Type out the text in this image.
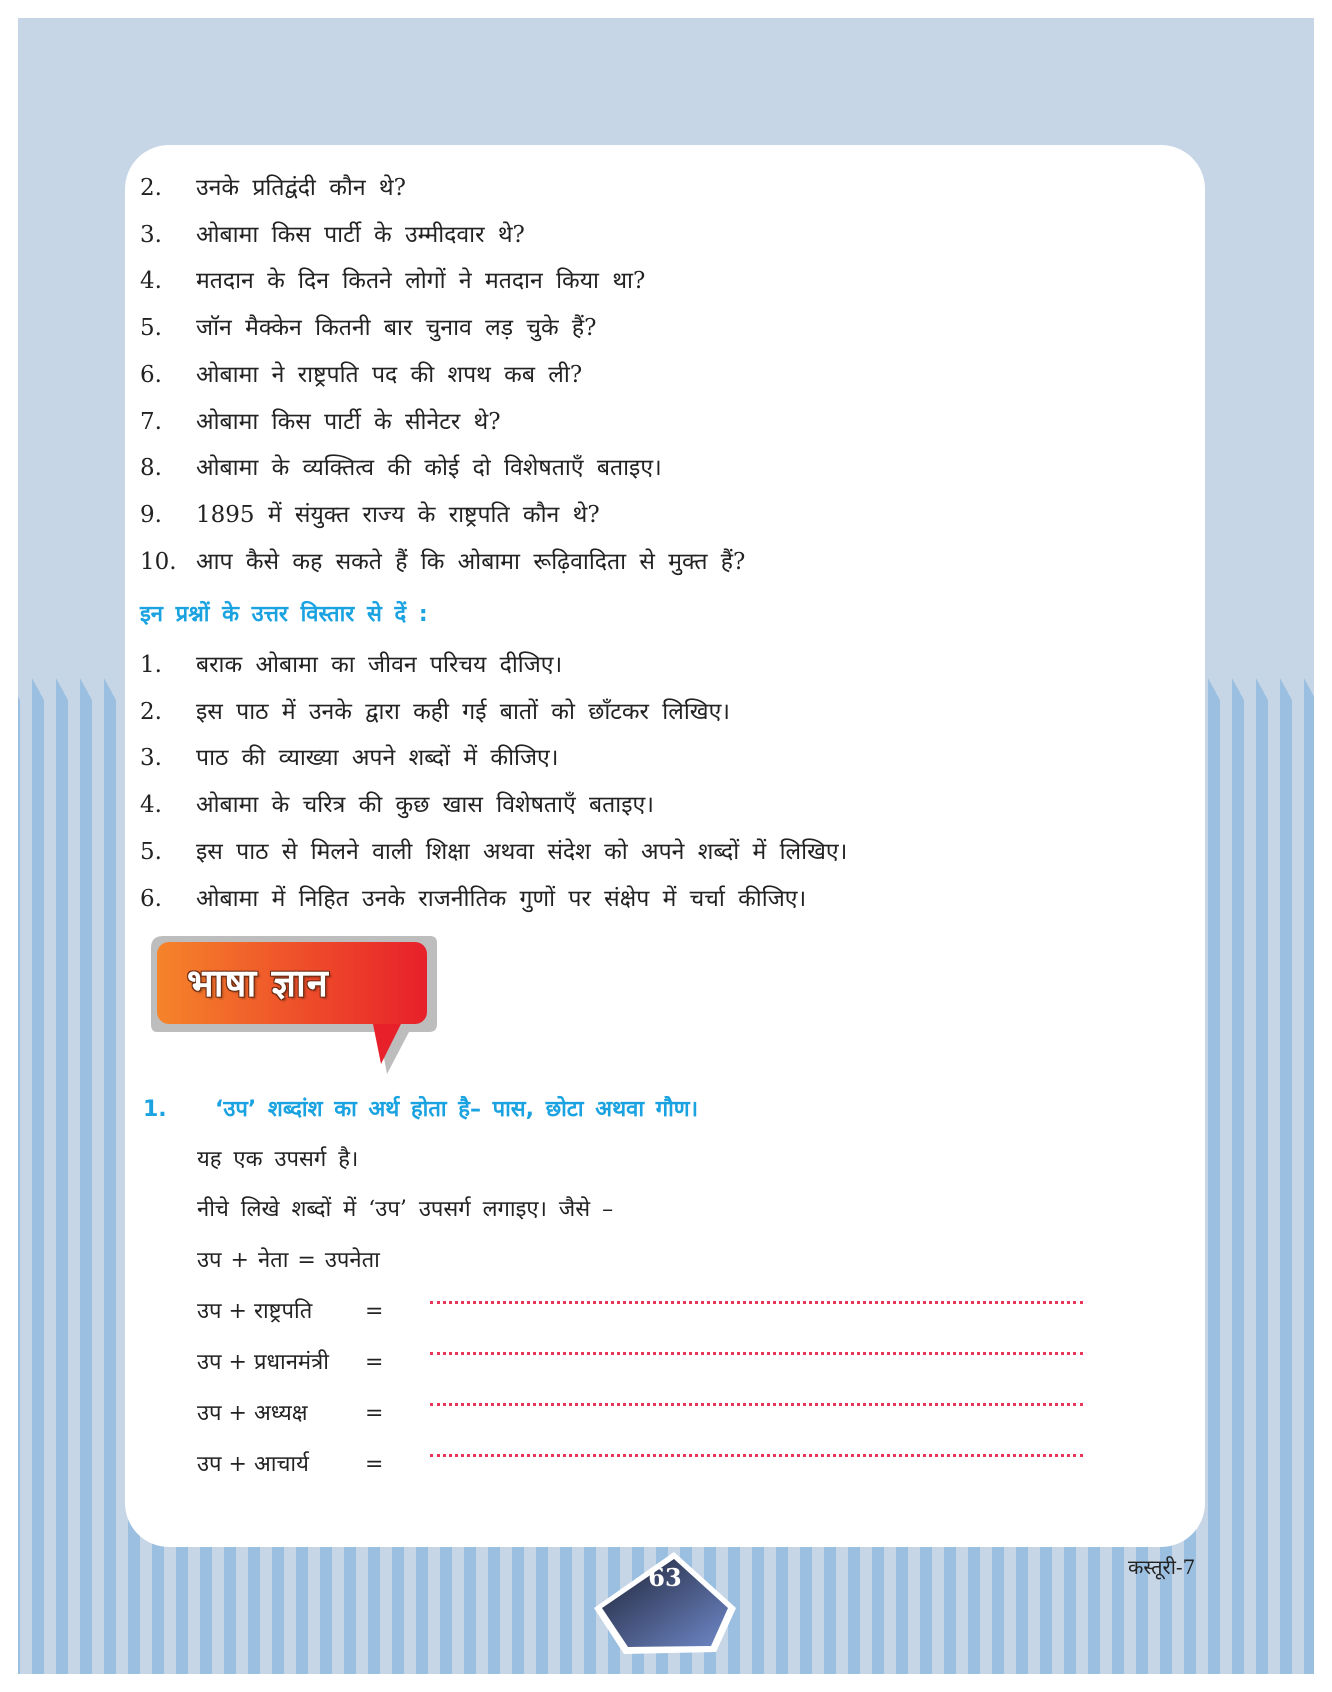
2.	उनके प्रतिद्वंदी कौन थे?
3.	ओबामा किस पार्टी के उम्मीदवार थे?
4.	मतदान के दिन कितने लोगों ने मतदान किया था?
5.	जॉन मैक्केन कितनी बार चुनाव लड़ चुके हैं?
6.	ओबामा ने राष्ट्रपति पद की शपथ कब ली?
7.	ओबामा किस पार्टी के सीनेटर थे?
8.	ओबामा के व्यक्तित्व की कोई दो विशेषताएँ बताइए।
9.	1895 में संयुक्त राज्य के राष्ट्रपति कौन थे?
10. आप कैसे कह सकते हैं कि ओबामा रूढ़िवादिता से मुक्त हैं?
इन प्रश्नों के उत्तर विस्तार से दें :
1.	बराक ओबामा का जीवन परिचय दीजिए।
2.	इस पाठ में उनके द्वारा कही गई बातों को छाँटकर लिखिए।
3.	पाठ की व्याख्या अपने शब्दों में कीजिए।
4.	ओबामा के चरित्र की कुछ खास विशेषताएँ बताइए।
5.	इस पाठ से मिलने वाली शिक्षा अथवा संदेश को अपने शब्दों में लिखिए।
6.	ओबामा में निहित उनके राजनीतिक गुणों पर संक्षेप में चर्चा कीजिए।
भाषा ज्ञान
1.	‘उप’ शब्दांश का अर्थ होता है– पास, छोटा अथवा गौण।
यह एक उपसर्ग है।
नीचे लिखे शब्दों में ‘उप’ उपसर्ग लगाइए। जैसे –
उप + नेता = उपनेता
उप + राष्ट्रपति =
उप + प्रधानमंत्री =
उप + अध्यक्ष	=
उप + आचार्य	=
63	कस्तूरी-7
